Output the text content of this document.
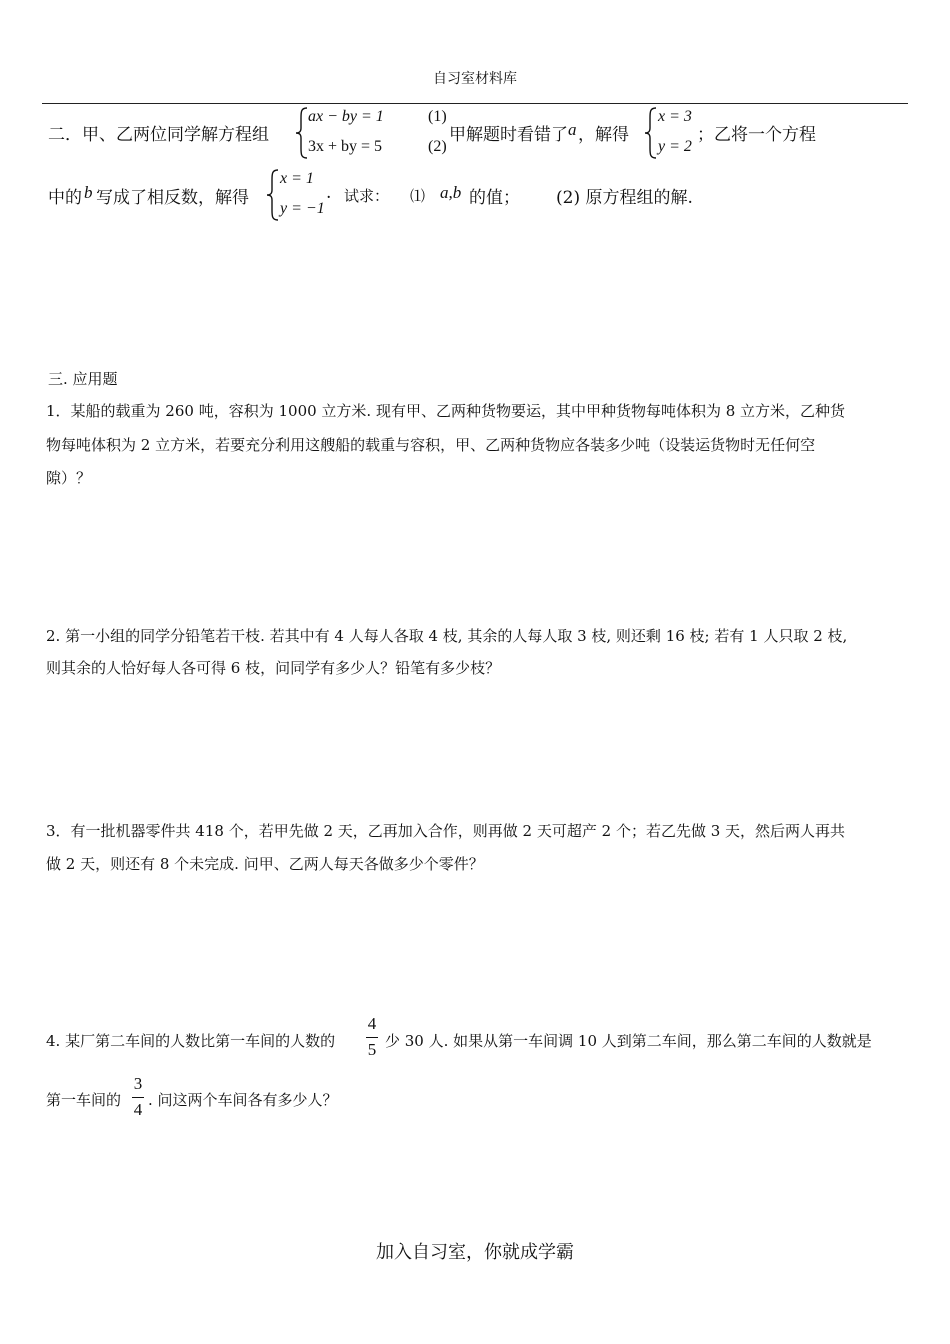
自习室材料库
二．甲、乙两位同学解方程组
ax − by = 1	(1)
3x + by = 5	(2)
甲解题时看错了 a ，解得
x = 3
y = 2
；乙将一个方程
中的 b 写成了相反数，解得
x = 1
y = −1
. 试求： ⑴ a,b 的值； (2) 原方程组的解.
三. 应用题
1．某船的载重为 260 吨，容积为 1000 立方米. 现有甲、乙两种货物要运，其中甲种货物每吨体积为 8 立方米，乙种货
物每吨体积为 2 立方米，若要充分利用这艘船的载重与容积，甲、乙两种货物应各装多少吨（设装运货物时无任何空
隙）？
2. 第一小组的同学分铅笔若干枝. 若其中有 4 人每人各取 4 枝, 其余的人每人取 3 枝, 则还剩 16 枝; 若有 1 人只取 2 枝,
则其余的人恰好每人各可得 6 枝，问同学有多少人？铅笔有多少枝？
3．有一批机器零件共 418 个，若甲先做 2 天，乙再加入合作，则再做 2 天可超产 2 个；若乙先做 3 天，然后两人再共
做 2 天，则还有 8 个未完成. 问甲、乙两人每天各做多少个零件？
4. 某厂第二车间的人数比第一车间的人数的
4
5 少 30 人. 如果从第一车间调 10 人到第二车间，那么第二车间的人数就是
第一车间的
3
4 . 问这两个车间各有多少人？
加入自习室，你就成学霸
